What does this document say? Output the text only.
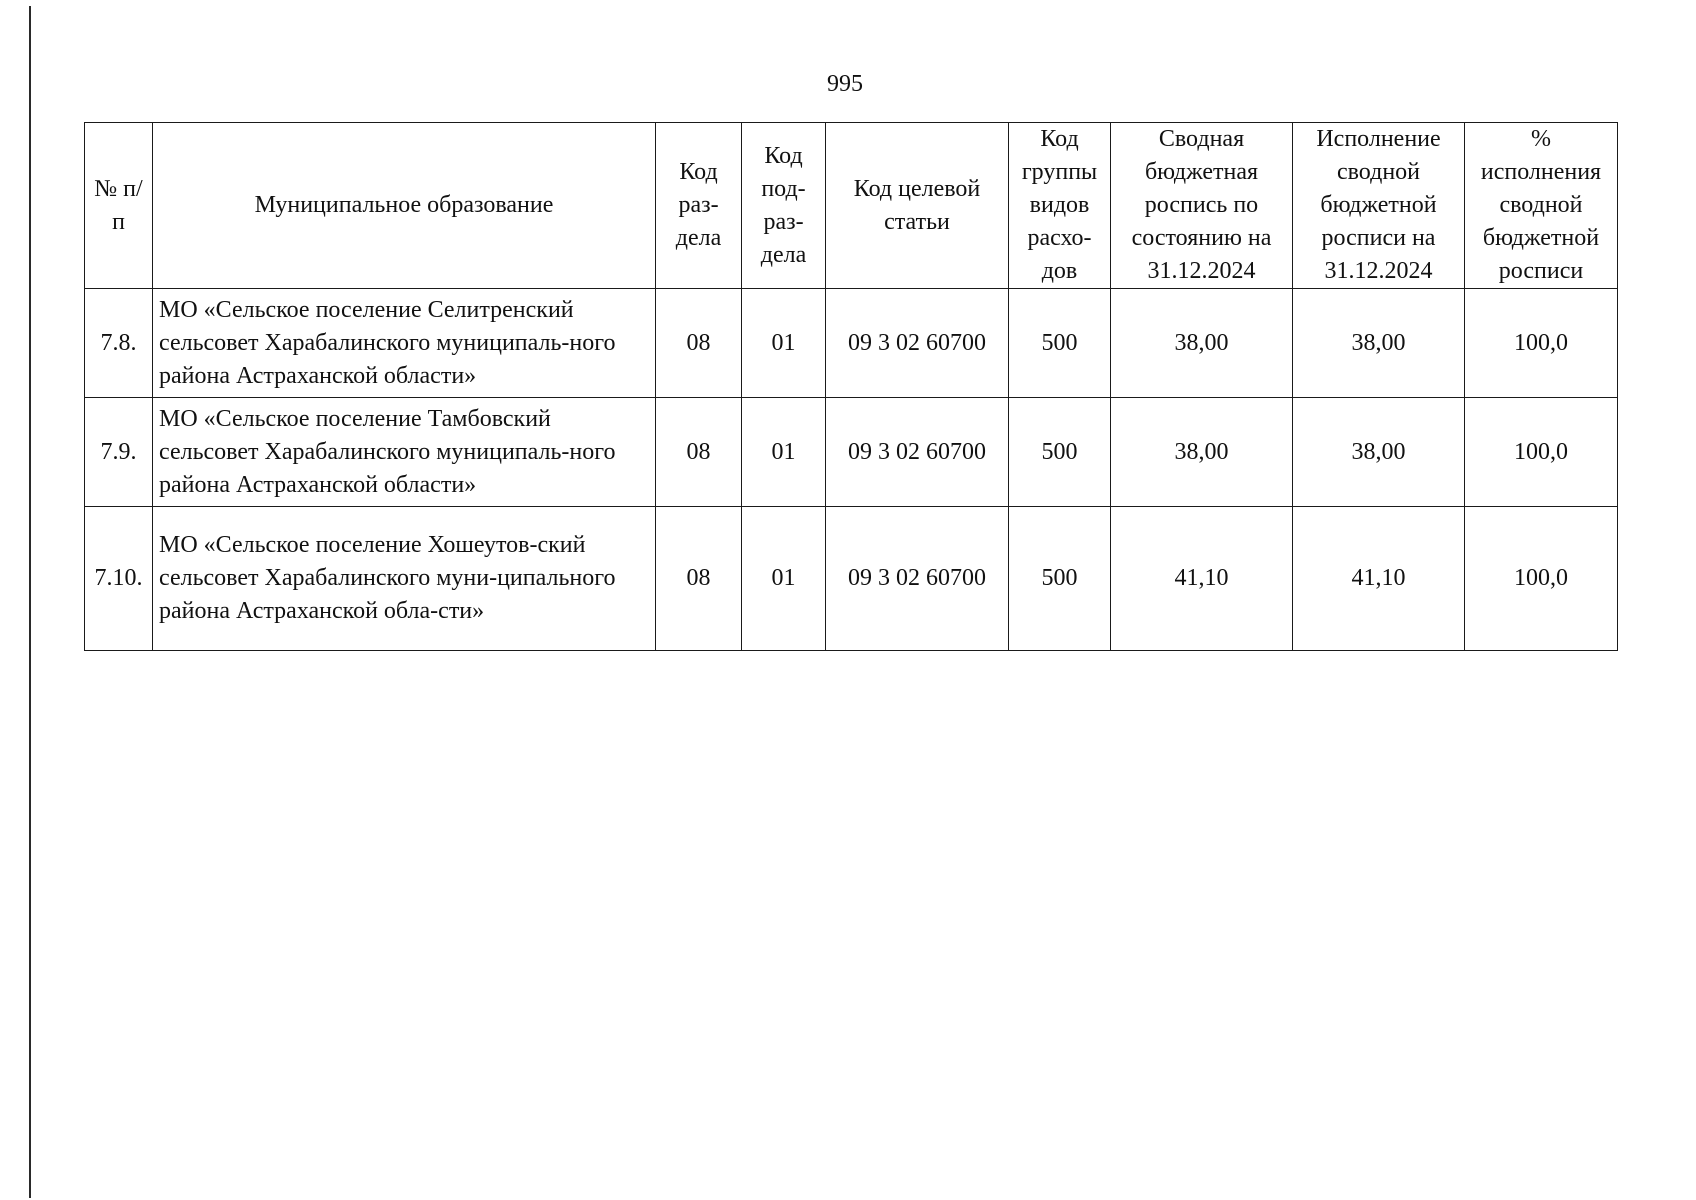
995
№ п/п	Муниципальное образование	Код раз-дела	Код под-раз-дела	Код целевой статьи	Код группы видов расхо-дов	Сводная бюджетная роспись по состоянию на 31.12.2024	Исполнение сводной бюджетной росписи на 31.12.2024	% исполнения сводной бюджетной росписи
7.8.	МО «Сельское поселение Селитренский сельсовет Харабалинского муниципаль-ного района Астраханской области»	08	01	09 3 02 60700	500	38,00	38,00	100,0
7.9.	МО «Сельское поселение Тамбовский сельсовет Харабалинского муниципаль-ного района Астраханской области»	08	01	09 3 02 60700	500	38,00	38,00	100,0
7.10.	МО «Сельское поселение Хошеутов-ский сельсовет Харабалинского муни-ципального района Астраханской обла-сти»	08	01	09 3 02 60700	500	41,10	41,10	100,0
